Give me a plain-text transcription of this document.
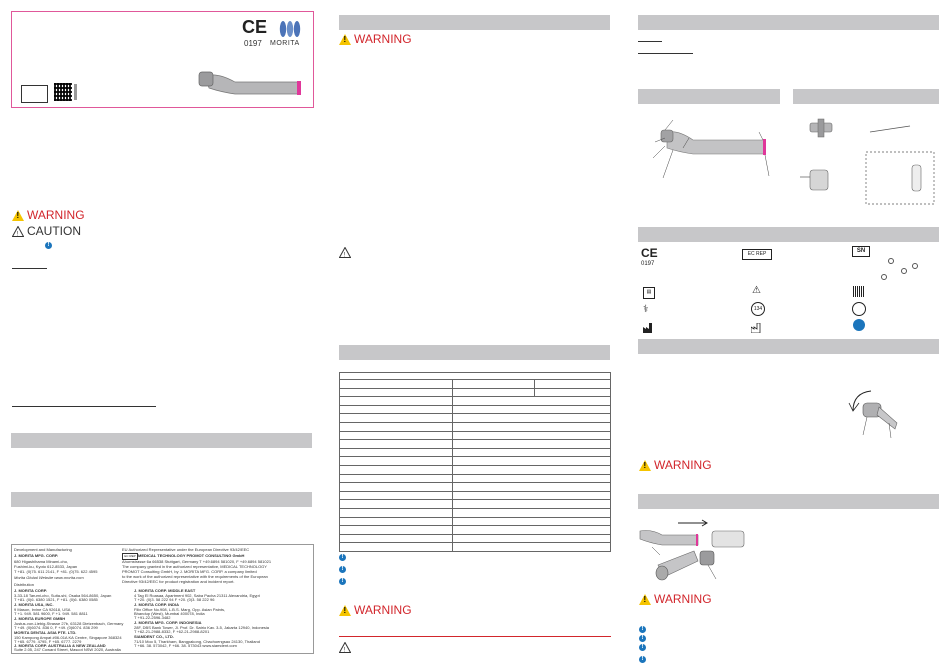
CE
0197 MORITA
!
WARNING
! CAUTION
!
Development and Manufacturing
J. MORITA MFG. CORP.
680 Higashihama Minami-cho,
Fushimi-ku, Kyoto 612-8533, Japan
T +81. (0)75. 611 2141, F +81. (0)75. 622 4595
Morita Global Website www.morita.com
Distribution
J. MORITA CORP.
3-33-18 Tarumi-cho, Suita-shi, Osaka 564-8650, Japan
T +81. (0)6. 6380 1521, F +81. (0)6. 6380 0585
J. MORITA USA, INC.
9 Mason, Irvine CA 92618, USA
T +1. 949. 581 9600, F +1. 949. 581 8811
J. MORITA EUROPE GMBH
Justus-von-Liebig-Strasse 27b, 63128 Dietzenbach, Germany
T +49. (0)6074. 836 0, F +49. (0)6074. 836 299
MORITA DENTAL ASIA PTE. LTD.
150 Kampong Ampat #06-01A KA Centre, Singapore 368324
T +65. 6779. 4795, F +65. 6777. 2279
J. MORITA CORP. AUSTRALIA & NEW ZEALAND
Suite 2.05, 247 Coward Street, Mascot NSW 2020, Australia
EU Authorized Representative under the European Directive 93/42/EEC
EC REP MEDICAL TECHNOLOGY PROMOT CONSULTING GmbH
Ahornstrasse 6a 66538 Stuttgart, Germany T +49.6894 581020, F +49.6894 581021
The company granted in the authorized representative, MEDICAL TECHNOLOGY
PROMOT Consulting GmbH, by J. MORITA MFG. CORP. a company limited
to the work of the authorized representative with the requirements of the European
Directive 93/42/EEC for product registration and incident report.
J. MORITA CORP. MIDDLE EAST
4 Tag El Roasaa, Apartment 902, Saba Pacha 21311 Alexandria, Egypt
T +20. (0)3. 58 222 94 F +20. (0)3. 58 222 96
J. MORITA CORP. INDIA
Filix Office No.908, L.B.S. Marg, Opp. Asian Paints,
Bhandup (West), Mumbai 400078, India
T +91-22-2596-3482
J. MORITA MFG. CORP. INDONESIA
28F, DBS Bank Tower, Jl. Prof. Dr. Satrio Kav. 3-5, Jakarta 12940, Indonesia
T +62-21-2988-8332, F +62-21-2988-8201
SIAMDENT CO., LTD.
71/10 Moo 5, Tharkham, Bangpakong, Chachoengsao 24130, Thailand
T +66. 38. 573042, F +66. 38. 573043 www.siamdent.com
!
WARNING
!

!
!
!
!
WARNING
!
CE
0197
EC REP	SN
▤	⚠
⚕	134
!
WARNING
!
WARNING
!
!
!
!
